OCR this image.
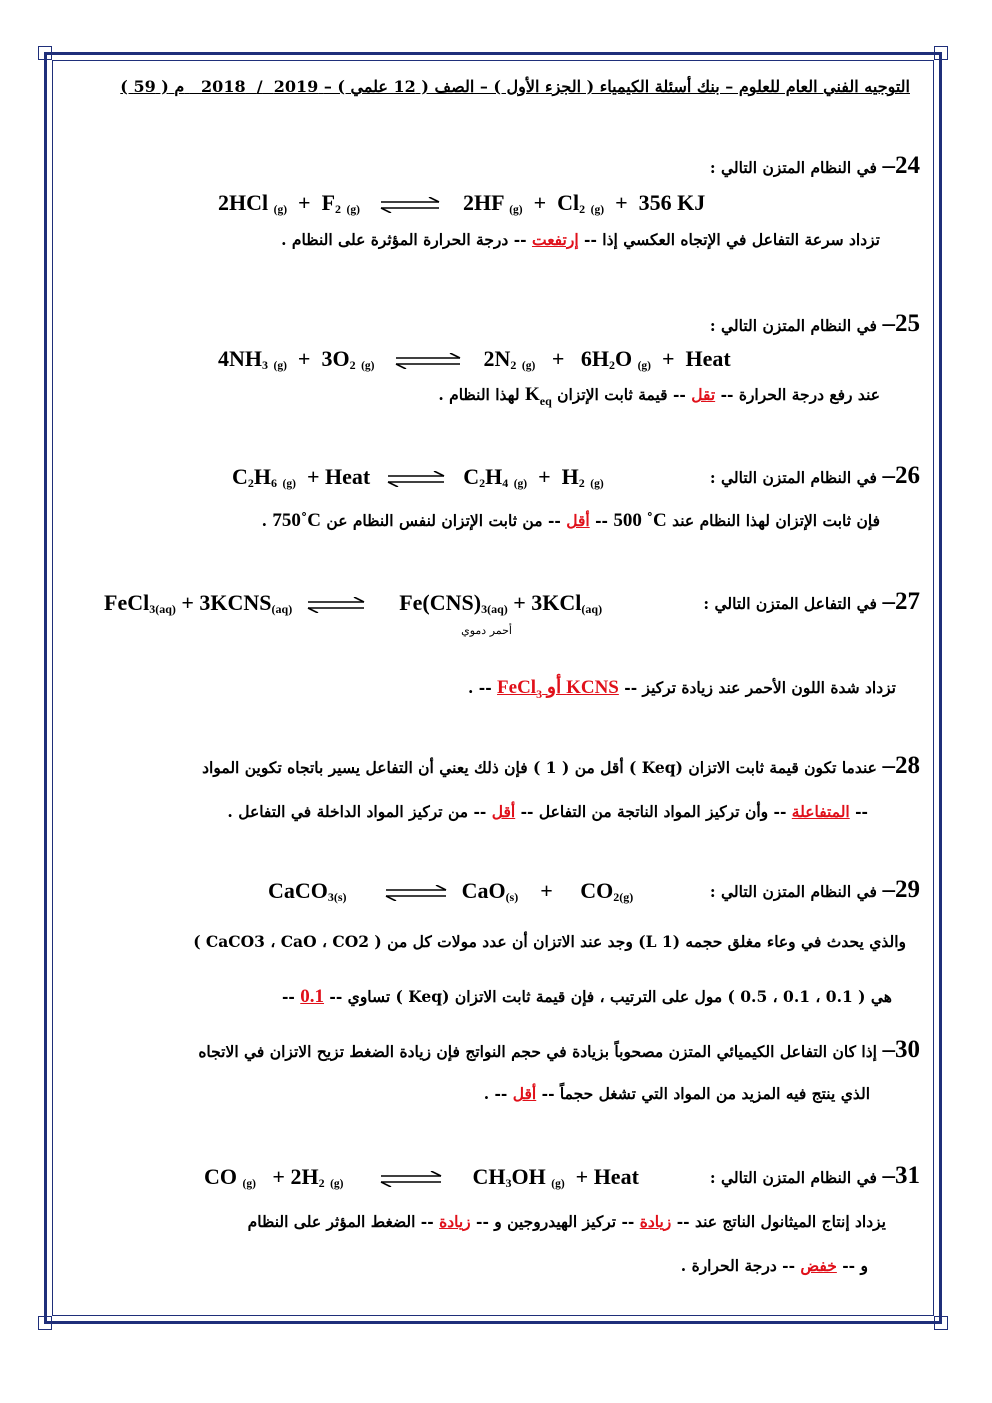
التوجيه الفني العام للعلوم – بنك أسئلة الكيمياء ( الجزء الأول ) – الصف ( 12 علمي ) –   2018 / 2019 م ( 59 )
24– في النظام المتزن التالي :
2HCl $(g) + F_2$ (g) ⇌ 2HF $(g) + Cl_2$ (g)  +  356 KJ
تزداد سرعة التفاعل في الإتجاه العكسي إذا -- إرتفعت -- درجة الحرارة المؤثرة على النظام .
25– في النظام المتزن التالي :
$4NH_3$ $(g) + 3O_2$ (g) ⇌ $2N_2$ $(g) + 6H_2O$ (g)  +  Heat
عند رفع درجة الحرارة -- تقل -- قيمة ثابت الإتزان $K_{eq}$ لهذا النظام .
26– في النظام المتزن التالي :
$C_2H_6$ (g)  + Heat ⇌ $C_2H_4$ $(g) + H_2$ (g)
فإن ثابت الإتزان لهذا النظام عند 500 ˚C -- أقل -- من ثابت الإتزان لنفس النظام عن 750˚C .
27– في التفاعل المتزن التالي :
FeCl$_{3(aq)}$ + $3KCNS_{(aq)}$ ⇌ $Fe(CNS)_{3(aq)} + 3KCl_{(aq)}$
أحمر دموي
تزداد شدة اللون الأحمر عند زيادة تركيز -- KCNS أو FeCl$_3$ -- .
28– عندما تكون قيمة ثابت الاتزان (Keq ) أقل من ( 1 ) فإن ذلك يعني أن التفاعل يسير باتجاه تكوين المواد
-- المتفاعلة -- وأن تركيز المواد الناتجة من التفاعل -- أقل -- من تركيز المواد الداخلة في التفاعل .
29– في النظام المتزن التالي :
CaCO$_{3(s)}$ ⇌ CaO$_{(s)}$    +     $CO_{2(g)}$
والذي يحدث في وعاء مغلق حجمه (1 L) وجد عند الاتزان أن عدد مولات كل من ( CaCO3 ، CaO ، CO2 )
هي ( 0.1 ، 0.1 ، 0.5 ) مول على الترتيب ، فإن قيمة ثابت الاتزان (Keq ) تساوي -- 0.1 --
30– إذا كان التفاعل الكيميائي المتزن مصحوباً بزيادة في حجم النواتج فإن زيادة الضغط تزيح الاتزان في الاتجاه
الذي ينتج فيه المزيد من المواد التي تشغل حجماً -- أقل -- .
31– في النظام المتزن التالي :
CO $(g) + 2H_2$ (g) ⇌ $CH_3OH$ (g)  + Heat
يزداد إنتاج الميثانول الناتج عند -- زيادة -- تركيز الهيدروجين و -- زيادة -- الضغط المؤثر على النظام
و -- خفض -- درجة الحرارة .
